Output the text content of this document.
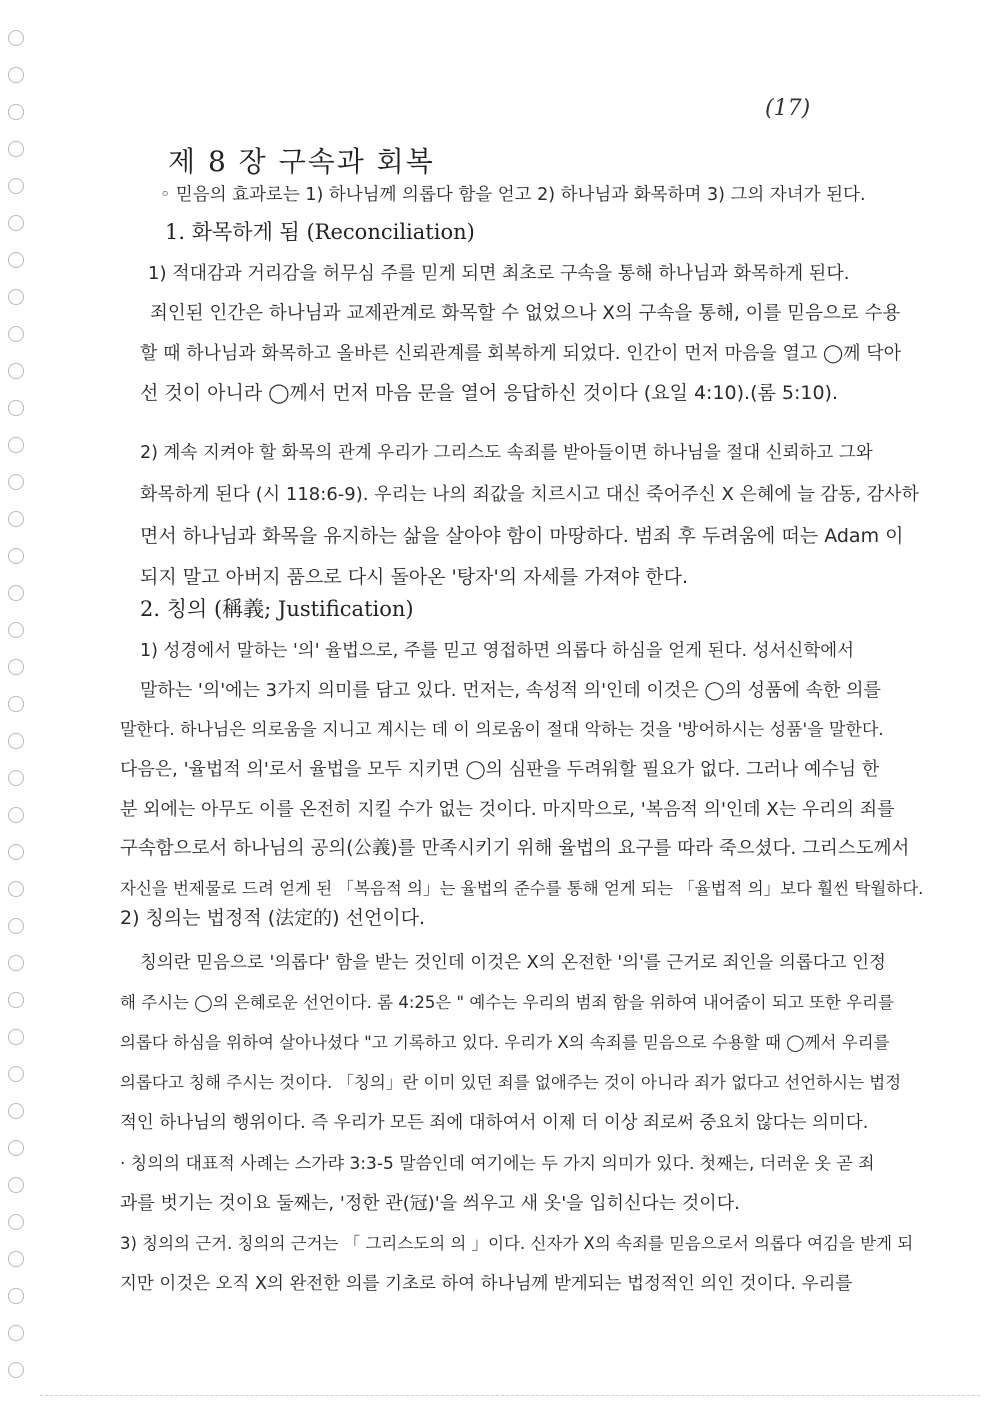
(17)
제 8 장 구속과 회복
◦ 믿음의 효과로는 1) 하나님께 의롭다 함을 얻고 2) 하나님과 화목하며 3) 그의 자녀가 된다.
1. 화목하게 됨 (Reconciliation)
1) 적대감과 거리감을 허무심 주를 믿게 되면 최초로 구속을 통해 하나님과 화목하게 된다.
죄인된 인간은 하나님과 교제관계로 화목할 수 없었으나 X의 구속을 통해, 이를 믿음으로 수용
할 때 하나님과 화목하고 올바른 신뢰관계를 회복하게 되었다. 인간이 먼저 마음을 열고 ◯께 닥아
선 것이 아니라 ◯께서 먼저 마음 문을 열어 응답하신 것이다 (요일 4:10).(롬 5:10).
2) 계속 지켜야 할 화목의 관계 우리가 그리스도 속죄를 받아들이면 하나님을 절대 신뢰하고 그와
화목하게 된다 (시 118:6-9). 우리는 나의 죄값을 치르시고 대신 죽어주신 X 은혜에 늘 감동, 감사하
면서 하나님과 화목을 유지하는 삶을 살아야 함이 마땅하다. 범죄 후 두려움에 떠는 Adam 이
되지 말고 아버지 품으로 다시 돌아온 '탕자'의 자세를 가져야 한다.
2. 칭의 (稱義; Justification)
1) 성경에서 말하는 '의' 율법으로, 주를 믿고 영접하면 의롭다 하심을 얻게 된다. 성서신학에서
말하는 '의'에는 3가지 의미를 담고 있다. 먼저는, 속성적 의'인데 이것은 ◯의 성품에 속한 의를
말한다. 하나님은 의로움을 지니고 계시는 데 이 의로움이 절대 악하는 것을 '방어하시는 성품'을 말한다.
다음은, '율법적 의'로서 율법을 모두 지키면 ◯의 심판을 두려워할 필요가 없다. 그러나 예수님 한
분 외에는 아무도 이를 온전히 지킬 수가 없는 것이다. 마지막으로, '복음적 의'인데 X는 우리의 죄를
구속함으로서 하나님의 공의(公義)를 만족시키기 위해 율법의 요구를 따라 죽으셨다. 그리스도께서
자신을 번제물로 드려 얻게 된 「복음적 의」는 율법의 준수를 통해 얻게 되는 「율법적 의」보다 훨씬 탁월하다.
2) 칭의는 법정적 (法定的) 선언이다.
칭의란 믿음으로 '의롭다' 함을 받는 것인데 이것은 X의 온전한 '의'를 근거로 죄인을 의롭다고 인정
해 주시는 ◯의 은혜로운 선언이다. 롬 4:25은 " 예수는 우리의 범죄 함을 위하여 내어줌이 되고 또한 우리를
의롭다 하심을 위하여 살아나셨다 "고 기록하고 있다. 우리가 X의 속죄를 믿음으로 수용할 때 ◯께서 우리를
의롭다고 칭해 주시는 것이다. 「칭의」란 이미 있던 죄를 없애주는 것이 아니라 죄가 없다고 선언하시는 법정
적인 하나님의 행위이다. 즉 우리가 모든 죄에 대하여서 이제 더 이상 죄로써 중요치 않다는 의미다.
· 칭의의 대표적 사례는 스가랴 3:3-5 말씀인데 여기에는 두 가지 의미가 있다. 첫째는, 더러운 옷 곧 죄
과를 벗기는 것이요 둘째는, '정한 관(冠)'을 씌우고 새 옷'을 입히신다는 것이다.
3) 칭의의 근거. 칭의의 근거는 「 그리스도의 의 」이다. 신자가 X의 속죄를 믿음으로서 의롭다 여김을 받게 되
지만 이것은 오직 X의 완전한 의를 기초로 하여 하나님께 받게되는 법정적인 의인 것이다. 우리를
